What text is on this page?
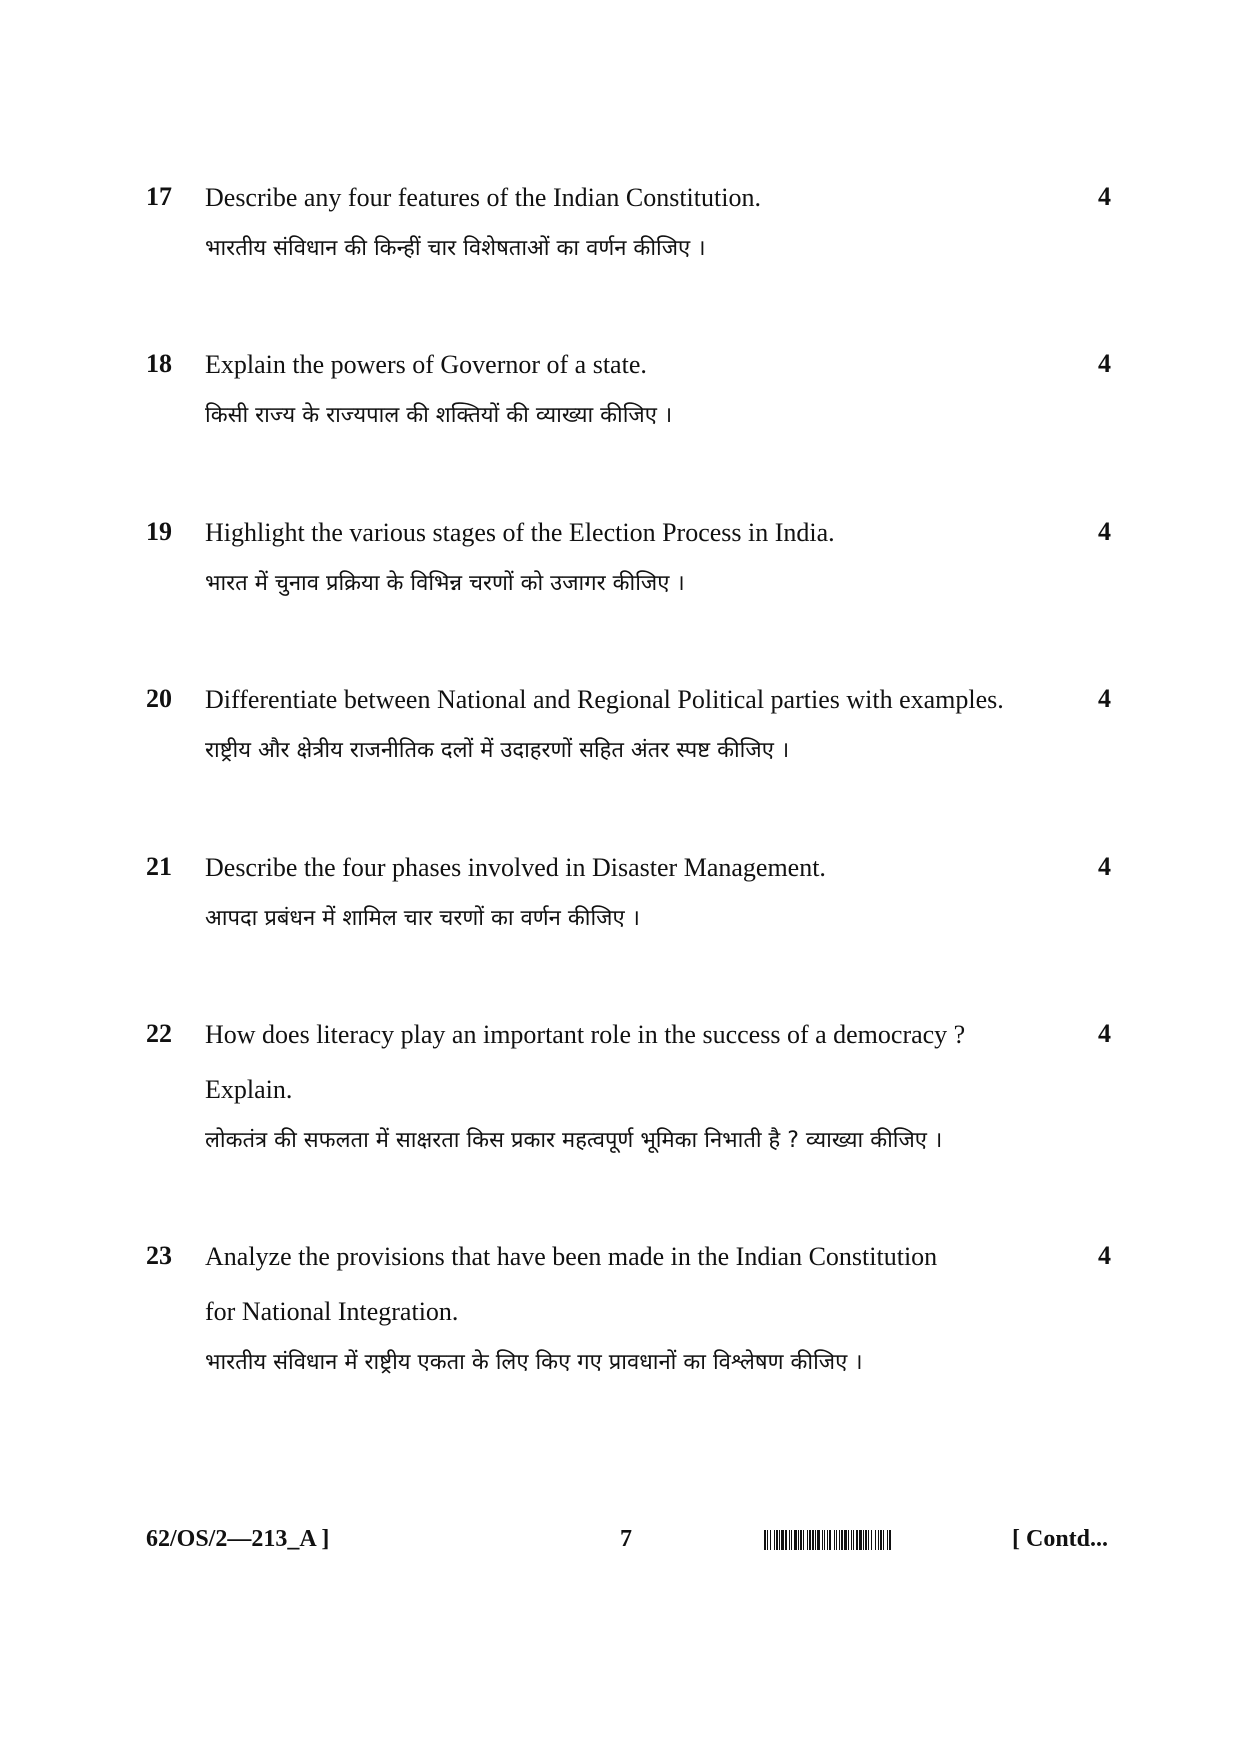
17 Describe any four features of the Indian Constitution.
भारतीय संविधान की किन्हीं चार विशेषताओं का वर्णन कीजिए ।
4
18 Explain the powers of Governor of a state.
किसी राज्य के राज्यपाल की शक्तियों की व्याख्या कीजिए ।
4
19 Highlight the various stages of the Election Process in India.
भारत में चुनाव प्रक्रिया के विभिन्न चरणों को उजागर कीजिए ।
4
20 Differentiate between National and Regional Political parties with examples.
राष्ट्रीय और क्षेत्रीय राजनीतिक दलों में उदाहरणों सहित अंतर स्पष्ट कीजिए ।
4
21 Describe the four phases involved in Disaster Management.
आपदा प्रबंधन में शामिल चार चरणों का वर्णन कीजिए ।
4
22 How does literacy play an important role in the success of a democracy ?
Explain.
लोकतंत्र की सफलता में साक्षरता किस प्रकार महत्वपूर्ण भूमिका निभाती है ? व्याख्या कीजिए ।
4
23 Analyze the provisions that have been made in the Indian Constitution
for National Integration.
भारतीय संविधान में राष्ट्रीय एकता के लिए किए गए प्रावधानों का विश्लेषण कीजिए ।
4
62/OS/2—213_A ]	7	[ Contd...
